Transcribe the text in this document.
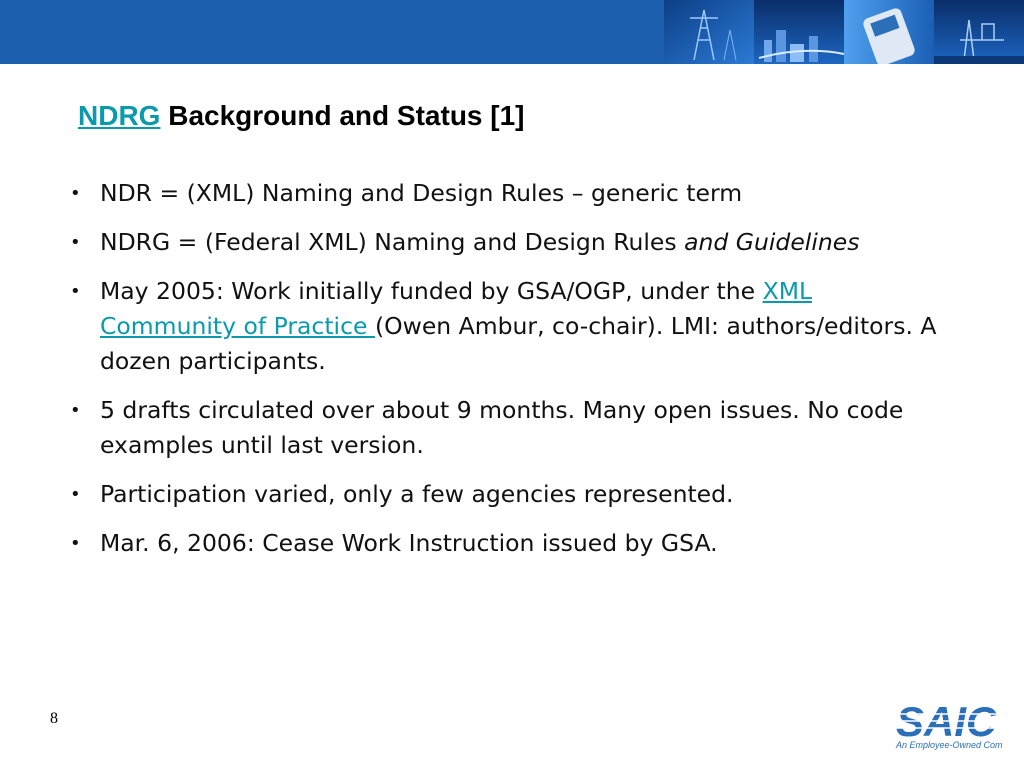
NDRG Background and Status [1]
• NDR = (XML) Naming and Design Rules – generic term
• NDRG = (Federal XML) Naming and Design Rules and Guidelines
• May 2005: Work initially funded by GSA/OGP, under the XML Community of Practice (Owen Ambur, co-chair). LMI: authors/editors. A dozen participants.
• 5 drafts circulated over about 9 months. Many open issues. No code examples until last version.
• Participation varied, only a few agencies represented.
• Mar. 6, 2006: Cease Work Instruction issued by GSA.
8	SAIC
An Employee-Owned Com
